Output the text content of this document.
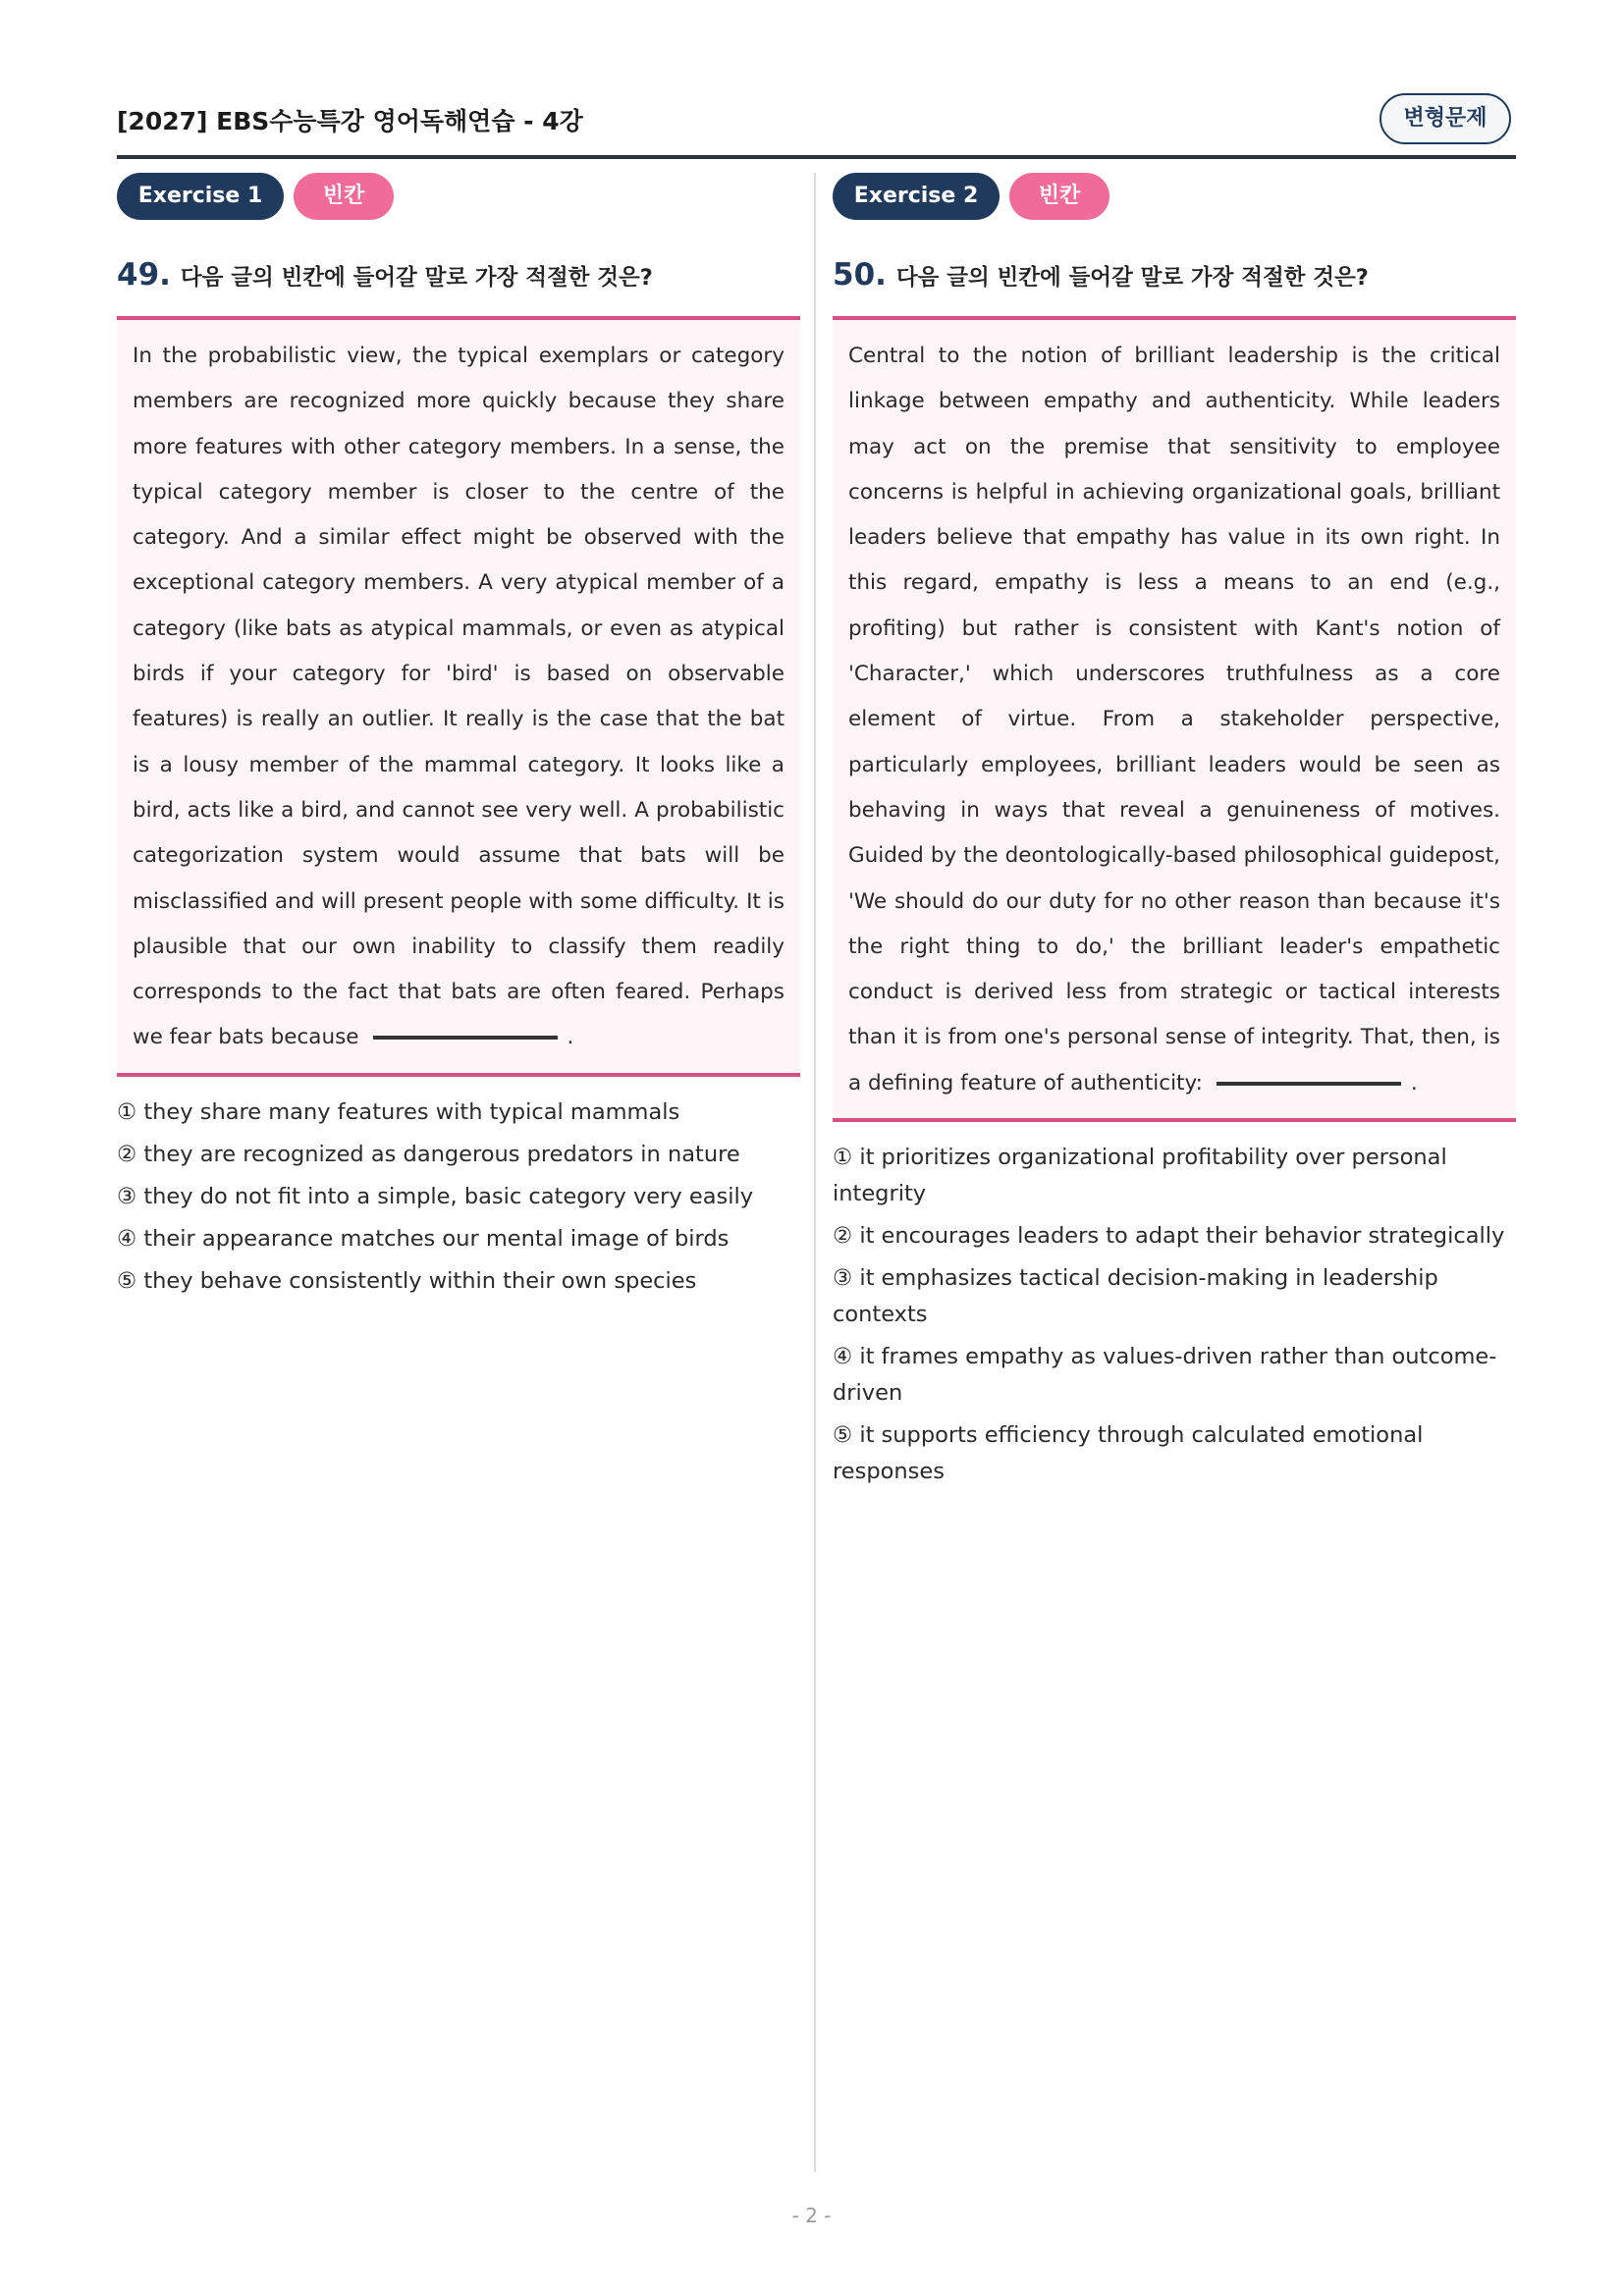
[2027] EBS수능특강 영어독해연습 - 4강	변형문제
Exercise 1	빈칸
49. 다음 글의 빈칸에 들어갈 말로 가장 적절한 것은?

In the probabilistic view, the typical exemplars or category members are recognized more quickly because they share more features with other category members. In a sense, the typical category member is closer to the centre of the category. And a similar effect might be observed with the exceptional category members. A very atypical member of a category (like bats as atypical mammals, or even as atypical birds if your category for 'bird' is based on observable features) is really an outlier. It really is the case that the bat is a lousy member of the mammal category. It looks like a bird, acts like a bird, and cannot see very well. A probabilistic categorization system would assume that bats will be misclassified and will present people with some difficulty. It is plausible that our own inability to classify them readily corresponds to the fact that bats are often feared. Perhaps we fear bats because	.

① they share many features with typical mammals
② they are recognized as dangerous predators in nature
③ they do not fit into a simple, basic category very easily
④ their appearance matches our mental image of birds
⑤ they behave consistently within their own species
Exercise 2	빈칸
50. 다음 글의 빈칸에 들어갈 말로 가장 적절한 것은?

Central to the notion of brilliant leadership is the critical linkage between empathy and authenticity. While leaders may act on the premise that sensitivity to employee concerns is helpful in achieving organizational goals, brilliant leaders believe that empathy has value in its own right. In this regard, empathy is less a means to an end (e.g., profiting) but rather is consistent with Kant's notion of 'Character,' which underscores truthfulness as a core element of virtue. From a stakeholder perspective, particularly employees, brilliant leaders would be seen as behaving in ways that reveal a genuineness of motives. Guided by the deontologically-based philosophical guidepost, 'We should do our duty for no other reason than because it's the right thing to do,' the brilliant leader's empathetic conduct is derived less from strategic or tactical interests than it is from one's personal sense of integrity. That, then, is a defining feature of authenticity:	.

① it prioritizes organizational profitability over personal integrity
② it encourages leaders to adapt their behavior strategically
③ it emphasizes tactical decision-making in leadership contexts
④ it frames empathy as values-driven rather than outcome-driven
⑤ it supports efficiency through calculated emotional responses
- 2 -
